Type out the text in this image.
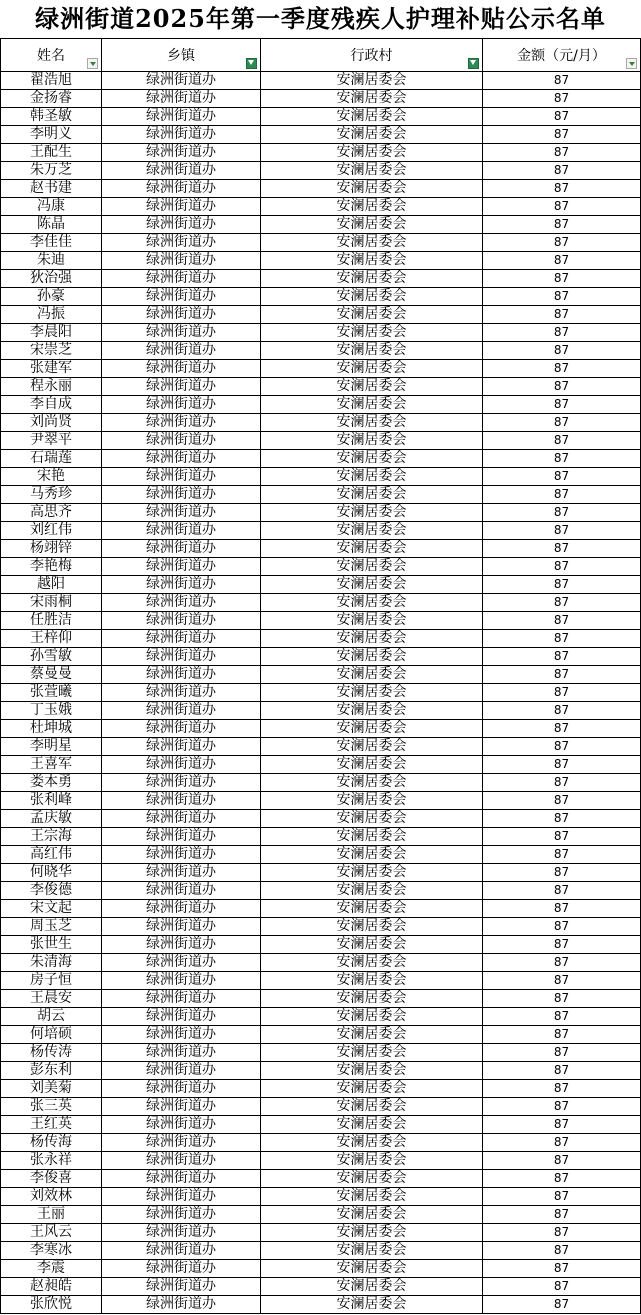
绿洲街道2025年第一季度残疾人护理补贴公示名单
姓名	乡镇	行政村	金额（元/月）

翟浩旭	绿洲街道办	安澜居委会	87
金扬睿	绿洲街道办	安澜居委会	87
韩圣敏	绿洲街道办	安澜居委会	87
李明义	绿洲街道办	安澜居委会	87
王配生	绿洲街道办	安澜居委会	87
朱万芝	绿洲街道办	安澜居委会	87
赵书建	绿洲街道办	安澜居委会	87
冯康	绿洲街道办	安澜居委会	87
陈晶	绿洲街道办	安澜居委会	87
李佳佳	绿洲街道办	安澜居委会	87
朱迪	绿洲街道办	安澜居委会	87
狄治强	绿洲街道办	安澜居委会	87
孙豪	绿洲街道办	安澜居委会	87
冯振	绿洲街道办	安澜居委会	87
李晨阳	绿洲街道办	安澜居委会	87
宋崇芝	绿洲街道办	安澜居委会	87
张建军	绿洲街道办	安澜居委会	87
程永丽	绿洲街道办	安澜居委会	87
李自成	绿洲街道办	安澜居委会	87
刘尚贤	绿洲街道办	安澜居委会	87
尹翠平	绿洲街道办	安澜居委会	87
石瑞莲	绿洲街道办	安澜居委会	87
宋艳	绿洲街道办	安澜居委会	87
马秀珍	绿洲街道办	安澜居委会	87
高思齐	绿洲街道办	安澜居委会	87
刘红伟	绿洲街道办	安澜居委会	87
杨翊锌	绿洲街道办	安澜居委会	87
李艳梅	绿洲街道办	安澜居委会	87
越阳	绿洲街道办	安澜居委会	87
宋雨桐	绿洲街道办	安澜居委会	87
任胜洁	绿洲街道办	安澜居委会	87
王梓仰	绿洲街道办	安澜居委会	87
孙雪敏	绿洲街道办	安澜居委会	87
蔡曼曼	绿洲街道办	安澜居委会	87
张萱曦	绿洲街道办	安澜居委会	87
丁玉娥	绿洲街道办	安澜居委会	87
杜坤城	绿洲街道办	安澜居委会	87
李明星	绿洲街道办	安澜居委会	87
王喜军	绿洲街道办	安澜居委会	87
娄本勇	绿洲街道办	安澜居委会	87
张利峰	绿洲街道办	安澜居委会	87
孟庆敏	绿洲街道办	安澜居委会	87
王宗海	绿洲街道办	安澜居委会	87
高红伟	绿洲街道办	安澜居委会	87
何晓华	绿洲街道办	安澜居委会	87
李俊德	绿洲街道办	安澜居委会	87
宋文起	绿洲街道办	安澜居委会	87
周玉芝	绿洲街道办	安澜居委会	87
张世生	绿洲街道办	安澜居委会	87
朱清海	绿洲街道办	安澜居委会	87
房子恒	绿洲街道办	安澜居委会	87
王晨安	绿洲街道办	安澜居委会	87
胡云	绿洲街道办	安澜居委会	87
何培硕	绿洲街道办	安澜居委会	87
杨传涛	绿洲街道办	安澜居委会	87
彭东利	绿洲街道办	安澜居委会	87
刘美菊	绿洲街道办	安澜居委会	87
张三英	绿洲街道办	安澜居委会	87
王红英	绿洲街道办	安澜居委会	87
杨传海	绿洲街道办	安澜居委会	87
张永祥	绿洲街道办	安澜居委会	87
李俊喜	绿洲街道办	安澜居委会	87
刘效林	绿洲街道办	安澜居委会	87
王丽	绿洲街道办	安澜居委会	87
王风云	绿洲街道办	安澜居委会	87
李寒冰	绿洲街道办	安澜居委会	87
李震	绿洲街道办	安澜居委会	87
赵昶皓	绿洲街道办	安澜居委会	87
张欣悦	绿洲街道办	安澜居委会	87
